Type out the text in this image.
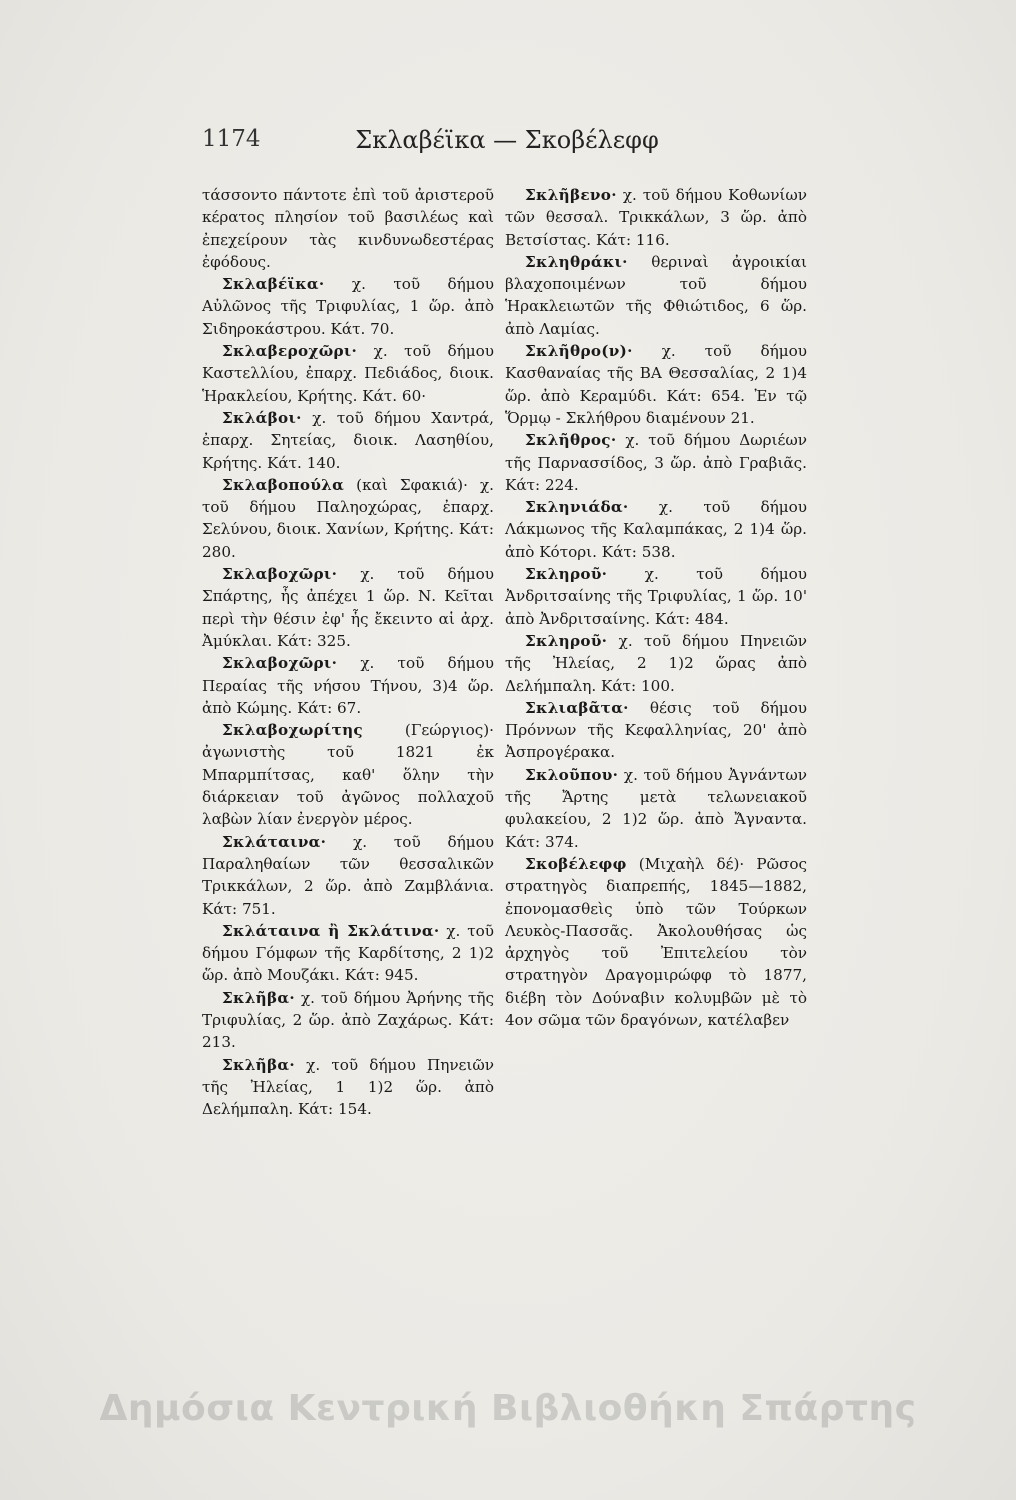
1174	Σκλαβέϊκα — Σκοβέλεφφ

τάσσοντο πάντοτε ἐπὶ τοῦ ἀριστεροῦ κέρατος πλησίον τοῦ βασιλέως καὶ ἐπεχείρουν τὰς κινδυνωδεστέρας ἐφόδους.

Σκλαβέϊκα· χ. τοῦ δήμου Αὐλῶνος τῆς Τριφυλίας, 1 ὥρ. ἀπὸ Σιδηροκάστρου. Κάτ. 70.

Σκλαβεροχῶρι· χ. τοῦ δήμου Καστελλίου, ἐπαρχ. Πεδιάδος, διοικ. Ἡρακλείου, Κρήτης. Κάτ. 60·

Σκλάβοι· χ. τοῦ δήμου Χαντρά, ἐπαρχ. Σητείας, διοικ. Λασηθίου, Κρήτης. Κάτ. 140.

Σκλαβοπούλα (καὶ Σφακιά)· χ. τοῦ δήμου Παληοχώρας, ἐπαρχ. Σελύνου, διοικ. Χανίων, Κρήτης. Κάτ: 280.

Σκλαβοχῶρι· χ. τοῦ δήμου Σπάρτης, ἧς ἀπέχει 1 ὥρ. Ν. Κεῖται περὶ τὴν θέσιν ἐφ' ἧς ἔκειντο αἱ ἀρχ. Ἀμύκλαι. Κάτ: 325.

Σκλαβοχῶρι· χ. τοῦ δήμου Περαίας τῆς νήσου Τήνου, 3)4 ὥρ. ἀπὸ Κώμης. Κάτ: 67.

Σκλαβοχωρίτης	(Γεώργιος)· ἀγωνιστὴς τοῦ 1821 ἐκ Μπαρμπίτσας, καθ' ὅλην τὴν διάρκειαν τοῦ ἀγῶνος πολλαχοῦ λαβὼν λίαν ἐνεργὸν μέρος.

Σκλάταινα· χ. τοῦ δήμου Παραληθαίων τῶν θεσσαλικῶν Τρικκάλων, 2 ὥρ. ἀπὸ Ζαμβλάνια. Κάτ: 751.

Σκλάταινα ἢ Σκλάτινα· χ. τοῦ δήμου Γόμφων τῆς Καρδίτσης, 2 1)2 ὥρ. ἀπὸ Μουζάκι. Κάτ: 945.

Σκλῆβα· χ. τοῦ δήμου Ἀρήνης τῆς Τριφυλίας, 2 ὥρ. ἀπὸ Ζαχάρως. Κάτ: 213.

Σκλῆβα· χ. τοῦ δήμου Πηνειῶν τῆς Ἠλείας, 1 1)2 ὥρ. ἀπὸ Δελήμπαλη. Κάτ: 154.

Σκλῆβενο· χ. τοῦ δήμου Κοθωνίων τῶν θεσσαλ. Τρικκάλων, 3 ὥρ. ἀπὸ Βετσίστας. Κάτ: 116.

Σκληθράκι· θεριναὶ ἀγροικίαι βλαχοποιμένων τοῦ δήμου Ἡρακλειωτῶν τῆς Φθιώτιδος, 6 ὥρ. ἀπὸ Λαμίας.

Σκλῆθρο(ν)· χ. τοῦ δήμου Κασθαναίας τῆς ΒΑ Θεσσαλίας, 2 1)4 ὥρ. ἀπὸ Κεραμύδι. Κάτ: 654. Ἐν τῷ Ὅρμῳ - Σκλήθρου διαμένουν 21.

Σκλῆθρος· χ. τοῦ δήμου Δωριέων τῆς Παρνασσίδος, 3 ὥρ. ἀπὸ Γραβιᾶς. Κάτ: 224.

Σκληνιάδα· χ. τοῦ δήμου Λάκμωνος τῆς Καλαμπάκας, 2 1)4 ὥρ. ἀπὸ Κότορι. Κάτ: 538.

Σκληροῦ· χ. τοῦ δήμου Ἀνδριτσαίνης τῆς Τριφυλίας, 1 ὥρ. 10' ἀπὸ Ἀνδριτσαίνης. Κάτ: 484.

Σκληροῦ· χ. τοῦ δήμου Πηνειῶν τῆς Ἠλείας, 2 1)2 ὥρας ἀπὸ Δελήμπαλη. Κάτ: 100.

Σκλιαβᾶτα· θέσις τοῦ δήμου Πρόννων τῆς Κεφαλληνίας, 20' ἀπὸ Ἀσπρογέρακα.

Σκλοῦπου· χ. τοῦ δήμου Ἀγνάντων τῆς Ἄρτης μετὰ τελωνειακοῦ φυλακείου, 2 1)2 ὥρ. ἀπὸ Ἄγναντα. Κάτ: 374.

Σκοβέλεφφ (Μιχαὴλ δέ)· Ρῶσος στρατηγὸς διαπρεπής, 1845—1882, ἐπονομασθεὶς ὑπὸ τῶν Τούρκων Λευκὸς-Πασσᾶς. Ἀκολουθήσας ὡς ἀρχηγὸς τοῦ Ἐπιτελείου τὸν στρατηγὸν Δραγομιρώφφ τὸ 1877, διέβη τὸν Δούναβιν κολυμβῶν μὲ τὸ 4ον σῶμα τῶν δραγόνων, κατέλαβεν

Δημόσια Κεντρική Βιβλιοθήκη Σπάρτης
